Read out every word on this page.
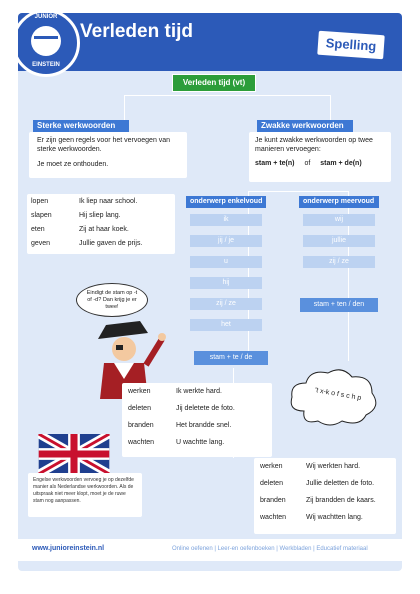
JUNIOR
EINSTEIN
Verleden tijd
Spelling
Verleden tijd (vt)
Sterke werkwoorden
Er zijn geen regels voor het vervoegen van sterke werkwoorden.
Je moet ze onthouden.
lopen	Ik liep naar school.
slapen	Hij sliep lang.
eten	Zij at haar koek.
geven	Jullie gaven de prijs.
Zwakke werkwoorden
Je kunt zwakke werkwoorden op twee manieren vervoegen:
stam + te(n) of stam + de(n)
onderwerp enkelvoud
ik
jij / je
u
hij
zij / ze
het
onderwerp meervoud
wij
jullie
zij / ze
stam + ten / den
stam + te / de
Eindigt de stam op -t of -d? Dan krijg je er twee!
't x-k o f s c h p
werken	Ik werkte hard.
deleten	Jij deletete de foto.
branden	Het brandde snel.
wachten	U wachtte lang.
werken	Wij werkten hard.
deleten	Jullie deletten de foto.
branden	Zij brandden de kaars.
wachten	Wij wachtten lang.
Engelse werkwoorden vervoeg je op dezelfde manier als Nederlandse werkwoorden. Als de uitspraak niet meer klopt, moet je de ruwe stam nog aanpassen.
www.junioreinstein.nl	Online oefenen | Leer-en oefenboeken | Werkbladen | Educatief materiaal
